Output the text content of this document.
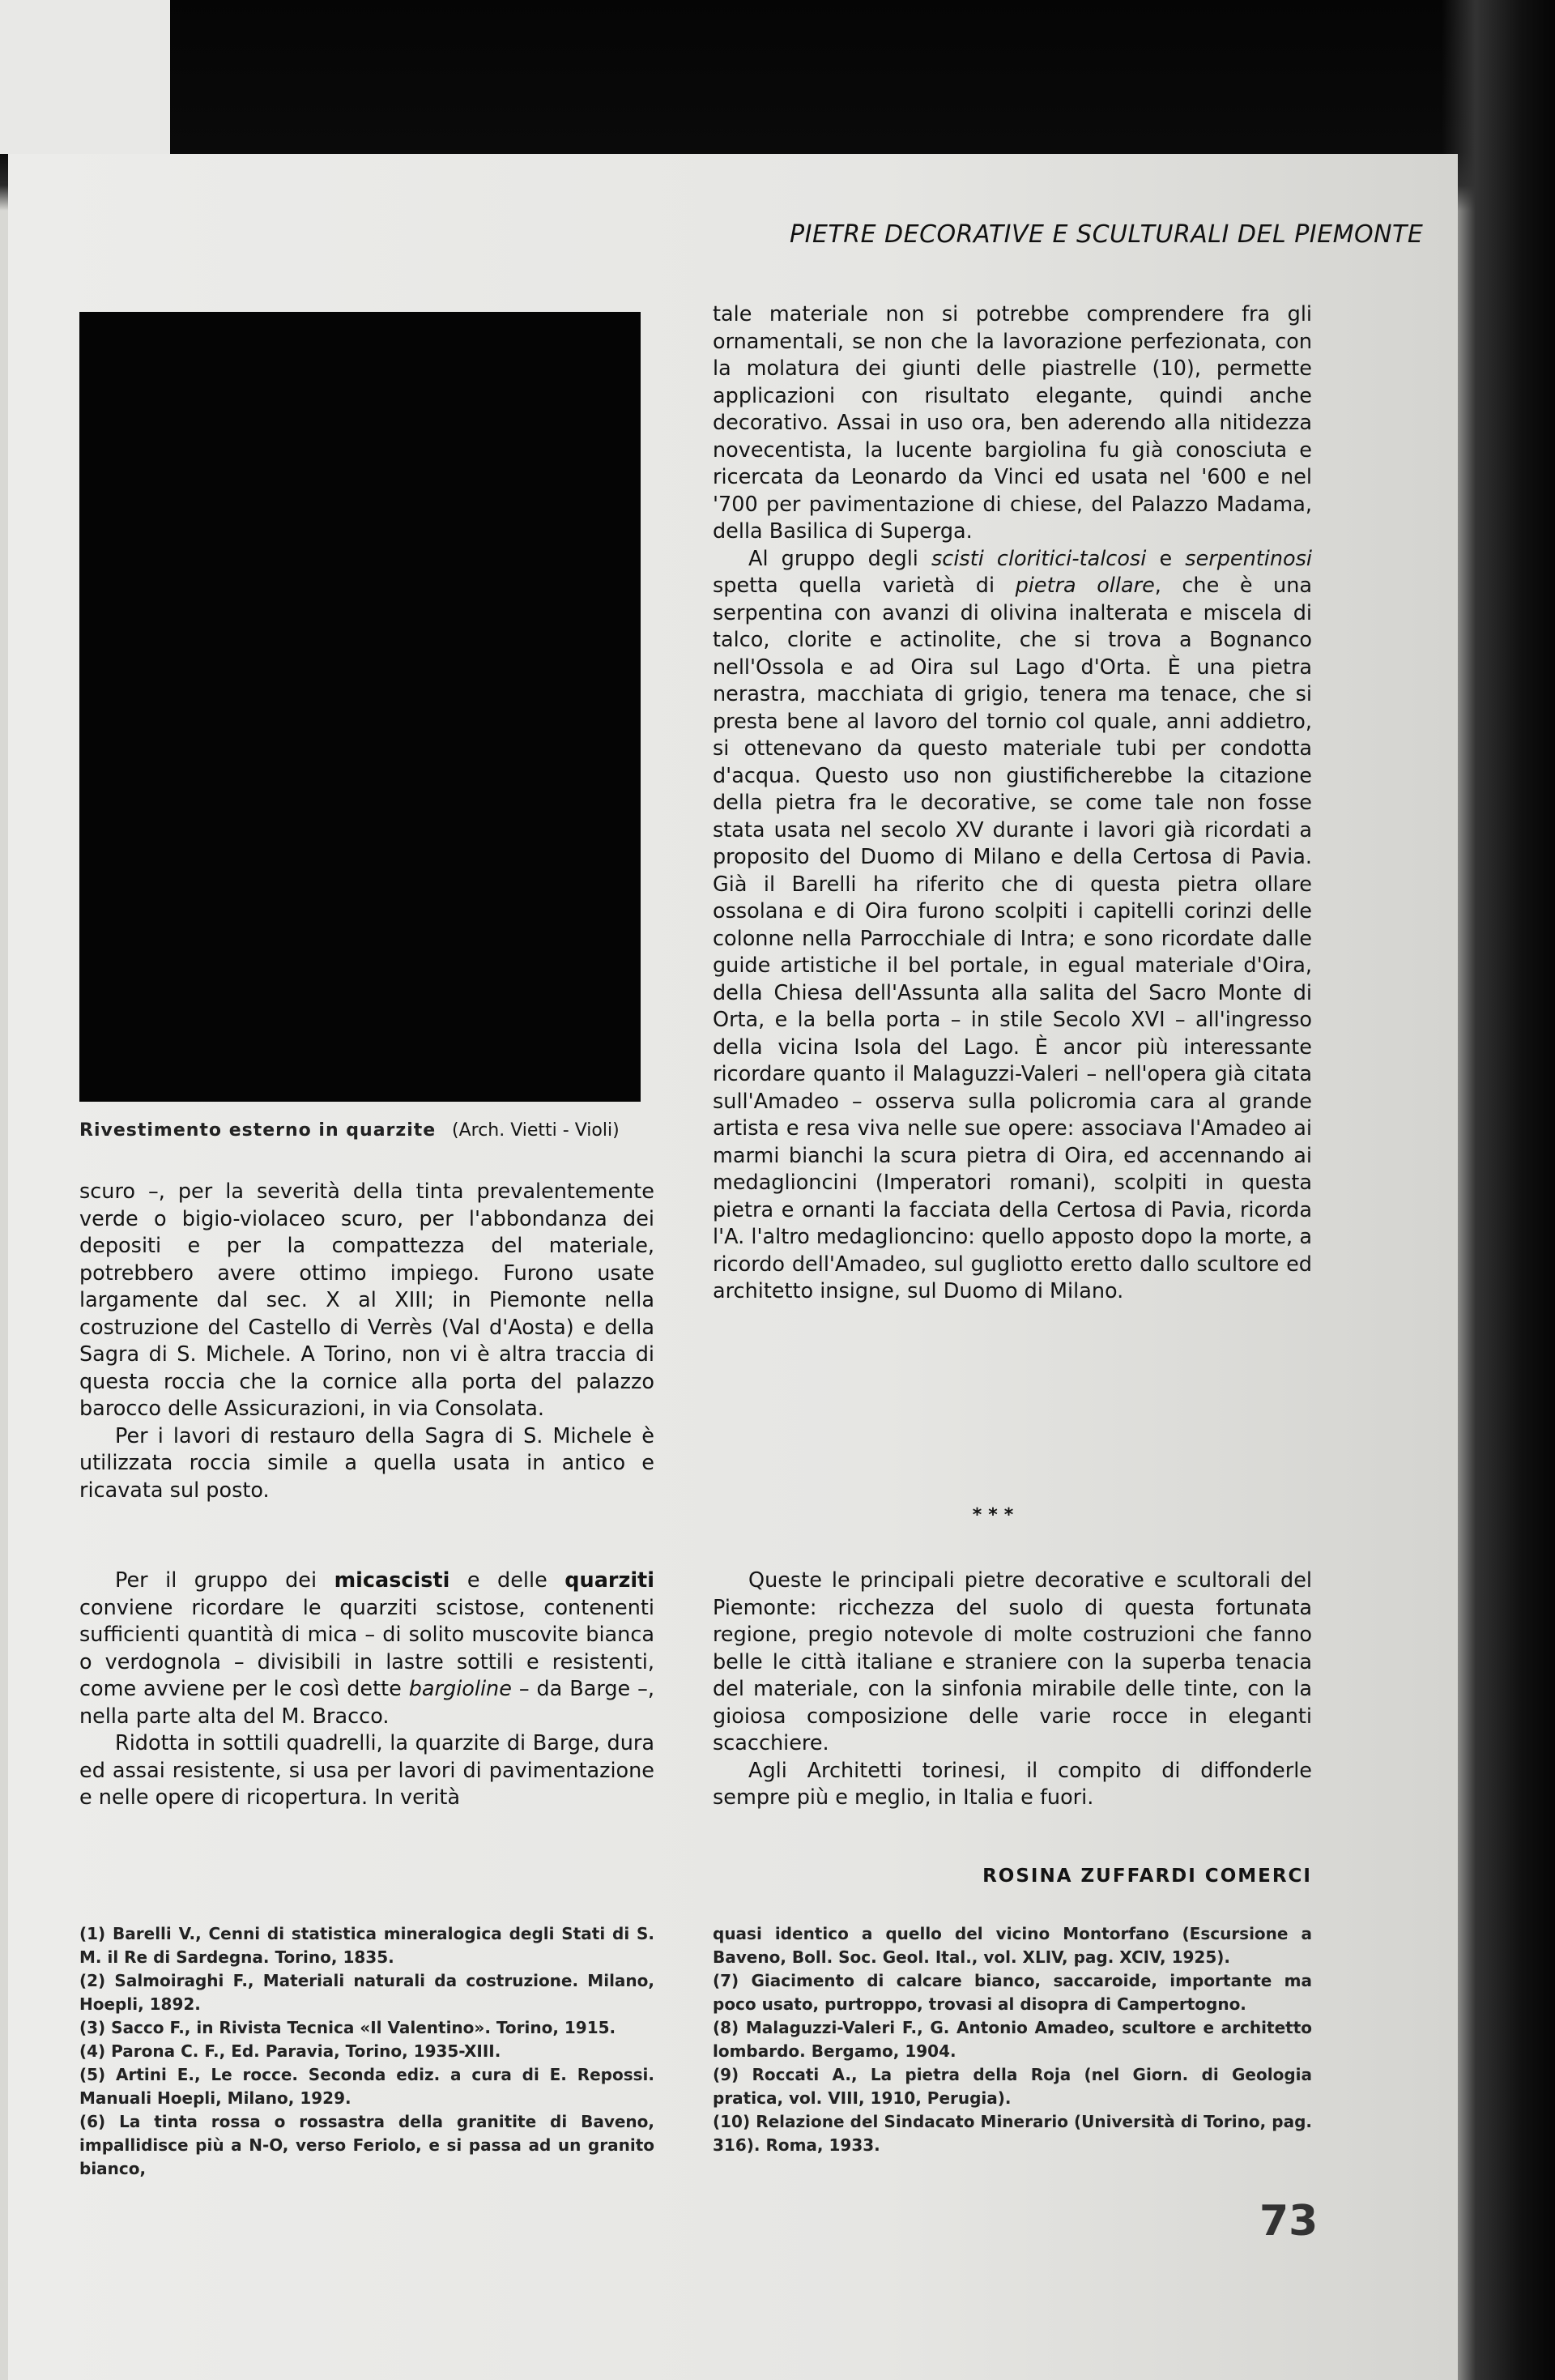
PIETRE DECORATIVE E SCULTURALI DEL PIEMONTE
Rivestimento esterno in quarzite (Arch. Vietti - Violi)

scuro –, per la severità della tinta prevalentemente verde o bigio-violaceo scuro, per l'abbondanza dei depositi e per la compattezza del materiale, potrebbero avere ottimo impiego. Furono usate largamente dal sec. X al XIII; in Piemonte nella costruzione del Castello di Verrès (Val d'Aosta) e della Sagra di S. Michele. A Torino, non vi è altra traccia di questa roccia che la cornice alla porta del palazzo barocco delle Assicurazioni, in via Consolata.

Per i lavori di restauro della Sagra di S. Michele è utilizzata roccia simile a quella usata in antico e ricavata sul posto.

Per il gruppo dei micascisti e delle quarziti conviene ricordare le quarziti scistose, contenenti sufficienti quantità di mica – di solito muscovite bianca o verdognola – divisibili in lastre sottili e resistenti, come avviene per le così dette bargioline – da Barge –, nella parte alta del M. Bracco.

Ridotta in sottili quadrelli, la quarzite di Barge, dura ed assai resistente, si usa per lavori di pavimentazione e nelle opere di ricopertura. In verità

tale materiale non si potrebbe comprendere fra gli ornamentali, se non che la lavorazione perfezionata, con la molatura dei giunti delle piastrelle (10), permette applicazioni con risultato elegante, quindi anche decorativo. Assai in uso ora, ben aderendo alla nitidezza novecentista, la lucente bargiolina fu già conosciuta e ricercata da Leonardo da Vinci ed usata nel '600 e nel '700 per pavimentazione di chiese, del Palazzo Madama, della Basilica di Superga.

Al gruppo degli scisti cloritici-talcosi e serpentinosi spetta quella varietà di pietra ollare, che è una serpentina con avanzi di olivina inalterata e miscela di talco, clorite e actinolite, che si trova a Bognanco nell'Ossola e ad Oira sul Lago d'Orta. È una pietra nerastra, macchiata di grigio, tenera ma tenace, che si presta bene al lavoro del tornio col quale, anni addietro, si ottenevano da questo materiale tubi per condotta d'acqua. Questo uso non giustificherebbe la citazione della pietra fra le decorative, se come tale non fosse stata usata nel secolo XV durante i lavori già ricordati a proposito del Duomo di Milano e della Certosa di Pavia. Già il Barelli ha riferito che di questa pietra ollare ossolana e di Oira furono scolpiti i capitelli corinzi delle colonne nella Parrocchiale di Intra; e sono ricordate dalle guide artistiche il bel portale, in egual materiale d'Oira, della Chiesa dell'Assunta alla salita del Sacro Monte di Orta, e la bella porta – in stile Secolo XVI – all'ingresso della vicina Isola del Lago. È ancor più interessante ricordare quanto il Malaguzzi-Valeri – nell'opera già citata sull'Amadeo – osserva sulla policromia cara al grande artista e resa viva nelle sue opere: associava l'Amadeo ai marmi bianchi la scura pietra di Oira, ed accennando ai medaglioncini (Imperatori romani), scolpiti in questa pietra e ornanti la facciata della Certosa di Pavia, ricorda l'A. l'altro medaglioncino: quello apposto dopo la morte, a ricordo dell'Amadeo, sul gugliotto eretto dallo scultore ed architetto insigne, sul Duomo di Milano.

***

Queste le principali pietre decorative e scultorali del Piemonte: ricchezza del suolo di questa fortunata regione, pregio notevole di molte costruzioni che fanno belle le città italiane e straniere con la superba tenacia del materiale, con la sinfonia mirabile delle tinte, con la gioiosa composizione delle varie rocce in eleganti scacchiere.

Agli Architetti torinesi, il compito di diffonderle sempre più e meglio, in Italia e fuori.

ROSINA ZUFFARDI COMERCI

(1) Barelli V., Cenni di statistica mineralogica degli Stati di S. M. il Re di Sardegna. Torino, 1835.

(2) Salmoiraghi F., Materiali naturali da costruzione. Milano, Hoepli, 1892.

(3) Sacco F., in Rivista Tecnica «Il Valentino». Torino, 1915.

(4) Parona C. F., Ed. Paravia, Torino, 1935-XIII.

(5) Artini E., Le rocce. Seconda ediz. a cura di E. Repossi. Manuali Hoepli, Milano, 1929.

(6) La tinta rossa o rossastra della granitite di Baveno, impallidisce più a N-O, verso Feriolo, e si passa ad un granito bianco,

quasi identico a quello del vicino Montorfano (Escursione a Baveno, Boll. Soc. Geol. Ital., vol. XLIV, pag. XCIV, 1925).

(7) Giacimento di calcare bianco, saccaroide, importante ma poco usato, purtroppo, trovasi al disopra di Campertogno.

(8) Malaguzzi-Valeri F., G. Antonio Amadeo, scultore e architetto lombardo. Bergamo, 1904.

(9) Roccati A., La pietra della Roja (nel Giorn. di Geologia pratica, vol. VIII, 1910, Perugia).

(10) Relazione del Sindacato Minerario (Università di Torino, pag. 316). Roma, 1933.

73
